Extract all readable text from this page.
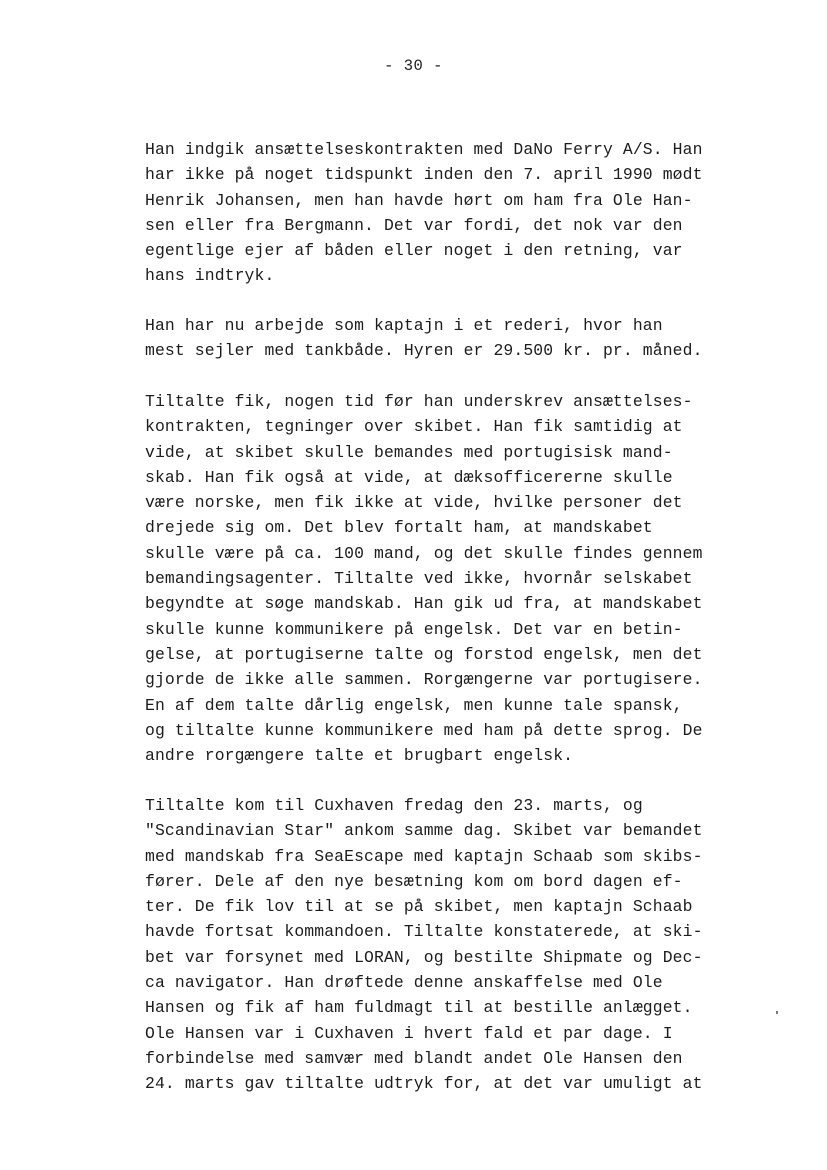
- 30 -
Han indgik ansættelseskontrakten med DaNo Ferry A/S. Han
har ikke på noget tidspunkt inden den 7. april 1990 mødt
Henrik Johansen, men han havde hørt om ham fra Ole Han-
sen eller fra Bergmann. Det var fordi, det nok var den
egentlige ejer af båden eller noget i den retning, var
hans indtryk.
Han har nu arbejde som kaptajn i et rederi, hvor han
mest sejler med tankbåde. Hyren er 29.500 kr. pr. måned.
Tiltalte fik, nogen tid før han underskrev ansættelses-
kontrakten, tegninger over skibet. Han fik samtidig at
vide, at skibet skulle bemandes med portugisisk mand-
skab. Han fik også at vide, at dæksofficererne skulle
være norske, men fik ikke at vide, hvilke personer det
drejede sig om. Det blev fortalt ham, at mandskabet
skulle være på ca. 100 mand, og det skulle findes gennem
bemandingsagenter. Tiltalte ved ikke, hvornår selskabet
begyndte at søge mandskab. Han gik ud fra, at mandskabet
skulle kunne kommunikere på engelsk. Det var en betin-
gelse, at portugiserne talte og forstod engelsk, men det
gjorde de ikke alle sammen. Rorgængerne var portugisere.
En af dem talte dårlig engelsk, men kunne tale spansk,
og tiltalte kunne kommunikere med ham på dette sprog. De
andre rorgængere talte et brugbart engelsk.
Tiltalte kom til Cuxhaven fredag den 23. marts, og
"Scandinavian Star" ankom samme dag. Skibet var bemandet
med mandskab fra SeaEscape med kaptajn Schaab som skibs-
fører. Dele af den nye besætning kom om bord dagen ef-
ter. De fik lov til at se på skibet, men kaptajn Schaab
havde fortsat kommandoen. Tiltalte konstaterede, at ski-
bet var forsynet med LORAN, og bestilte Shipmate og Dec-
ca navigator. Han drøftede denne anskaffelse med Ole
Hansen og fik af ham fuldmagt til at bestille anlægget.
Ole Hansen var i Cuxhaven i hvert fald et par dage. I
forbindelse med samvær med blandt andet Ole Hansen den
24. marts gav tiltalte udtryk for, at det var umuligt at
